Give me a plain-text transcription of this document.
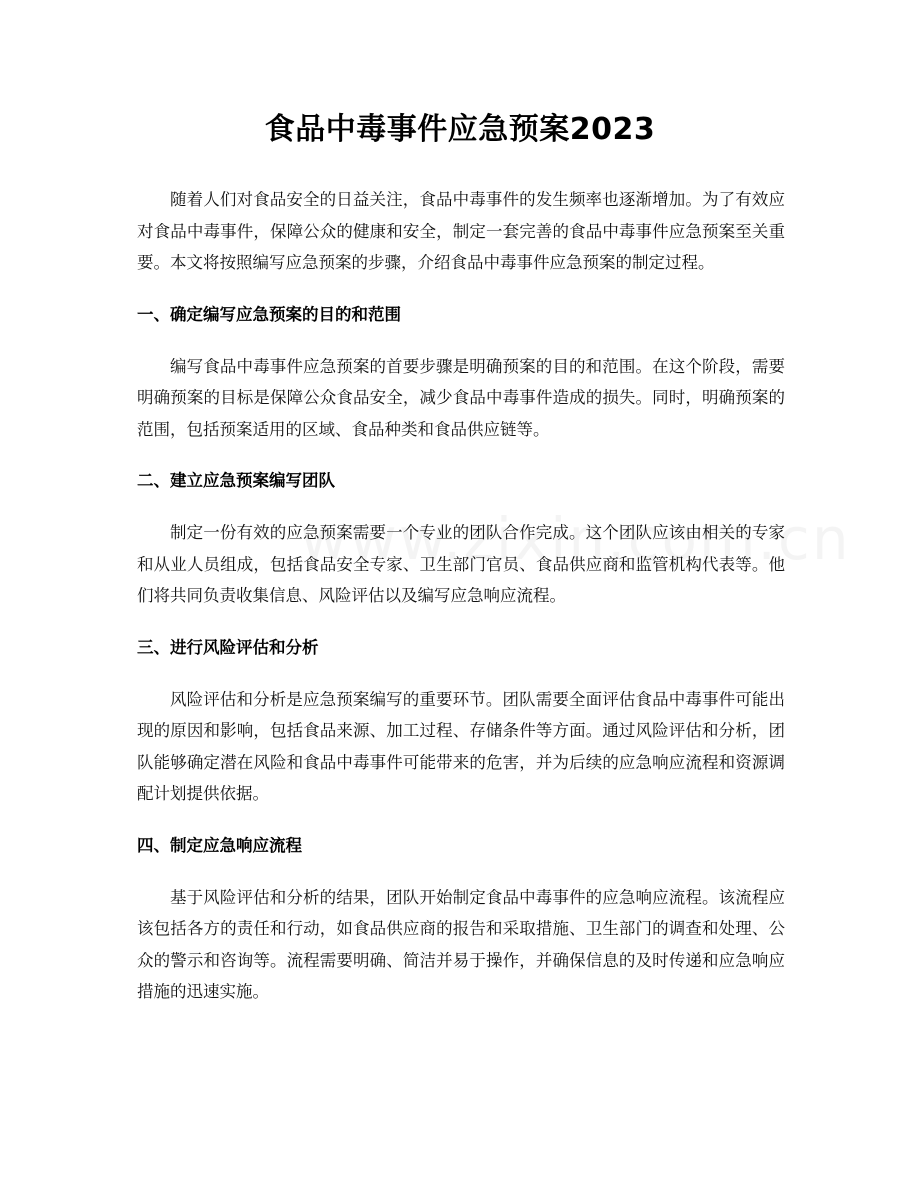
食品中毒事件应急预案2023

随着人们对食品安全的日益关注，食品中毒事件的发生频率也逐渐增加。为了有效应对食品中毒事件，保障公众的健康和安全，制定一套完善的食品中毒事件应急预案至关重要。本文将按照编写应急预案的步骤，介绍食品中毒事件应急预案的制定过程。

一、确定编写应急预案的目的和范围

编写食品中毒事件应急预案的首要步骤是明确预案的目的和范围。在这个阶段，需要明确预案的目标是保障公众食品安全，减少食品中毒事件造成的损失。同时，明确预案的范围，包括预案适用的区域、食品种类和食品供应链等。

二、建立应急预案编写团队

制定一份有效的应急预案需要一个专业的团队合作完成。这个团队应该由相关的专家和从业人员组成，包括食品安全专家、卫生部门官员、食品供应商和监管机构代表等。他们将共同负责收集信息、风险评估以及编写应急响应流程。

三、进行风险评估和分析

风险评估和分析是应急预案编写的重要环节。团队需要全面评估食品中毒事件可能出现的原因和影响，包括食品来源、加工过程、存储条件等方面。通过风险评估和分析，团队能够确定潜在风险和食品中毒事件可能带来的危害，并为后续的应急响应流程和资源调配计划提供依据。

四、制定应急响应流程

基于风险评估和分析的结果，团队开始制定食品中毒事件的应急响应流程。该流程应该包括各方的责任和行动，如食品供应商的报告和采取措施、卫生部门的调查和处理、公众的警示和咨询等。流程需要明确、简洁并易于操作，并确保信息的及时传递和应急响应措施的迅速实施。
